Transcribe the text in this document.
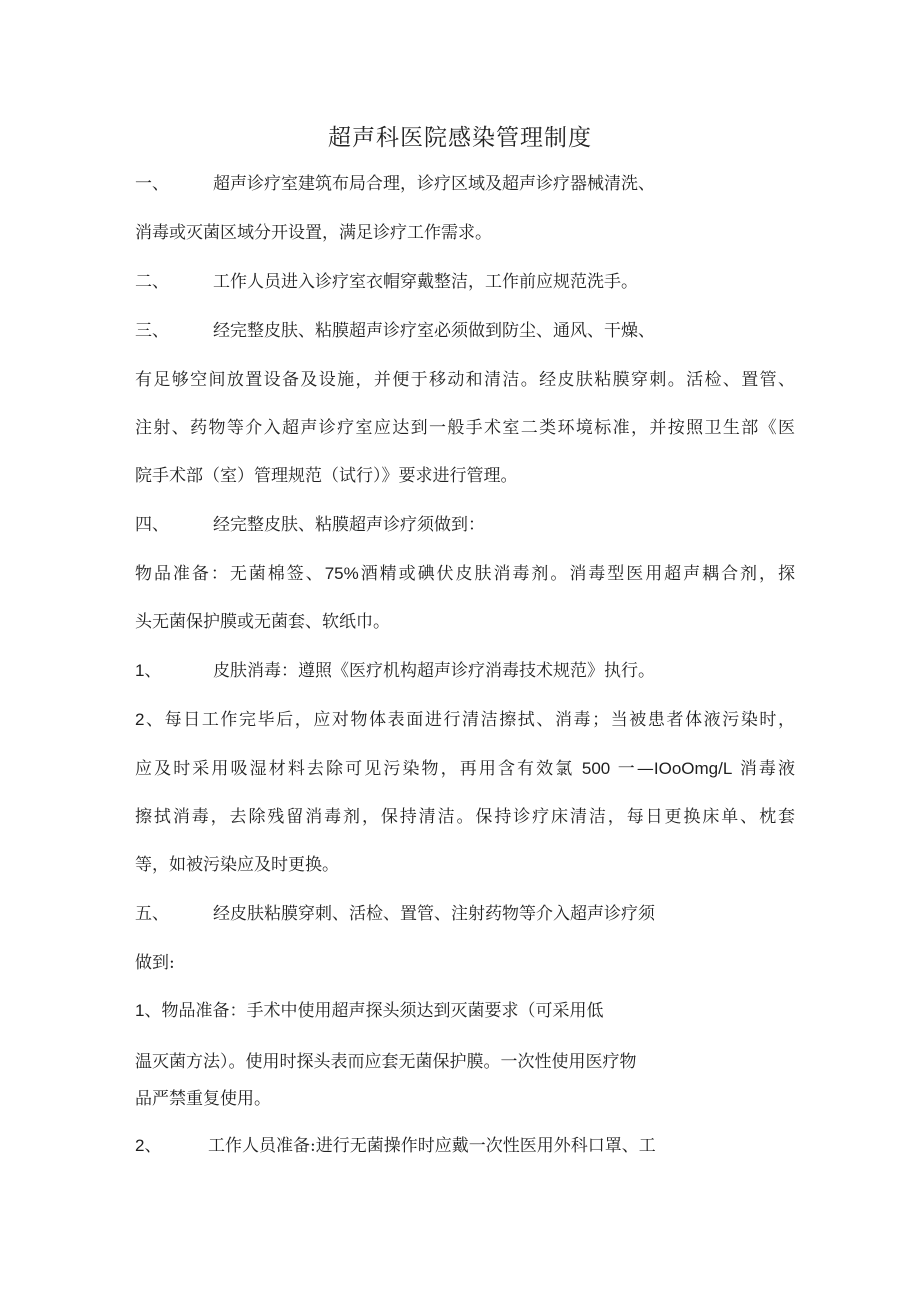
超声科医院感染管理制度
一、	超声诊疗室建筑布局合理，诊疗区域及超声诊疗器械清洗、
消毒或灭菌区域分开设置，满足诊疗工作需求。
二、	工作人员进入诊疗室衣帽穿戴整洁，工作前应规范洗手。
三、	经完整皮肤、粘膜超声诊疗室必须做到防尘、通风、干燥、
有足够空间放置设备及设施，并便于移动和清洁。经皮肤粘膜穿刺。活检、置管、
注射、药物等介入超声诊疗室应达到一般手术室二类环境标准，并按照卫生部《医
院手术部（室）管理规范（试行）》要求进行管理。
四、	经完整皮肤、粘膜超声诊疗须做到：
物品准备：无菌棉签、75%酒精或碘伏皮肤消毒剂。消毒型医用超声耦合剂，探
头无菌保护膜或无菌套、软纸巾。
1、	皮肤消毒：遵照《医疗机构超声诊疗消毒技术规范》执行。
2、每日工作完毕后，应对物体表面进行清洁擦拭、消毒；当被患者体液污染时，
应及时采用吸湿材料去除可见污染物，再用含有效氯 500 一—IOoOmg/L 消毒液
擦拭消毒，去除残留消毒剂，保持清洁。保持诊疗床清洁，每日更换床单、枕套
等，如被污染应及时更换。
五、	经皮肤粘膜穿刺、活检、置管、注射药物等介入超声诊疗须
做到:
1、物品准备：手术中使用超声探头须达到灭菌要求（可采用低
温灭菌方法）。使用时探头表而应套无菌保护膜。一次性使用医疗物
品严禁重复使用。
2、	工作人员准备:进行无菌操作时应戴一次性医用外科口罩、工
